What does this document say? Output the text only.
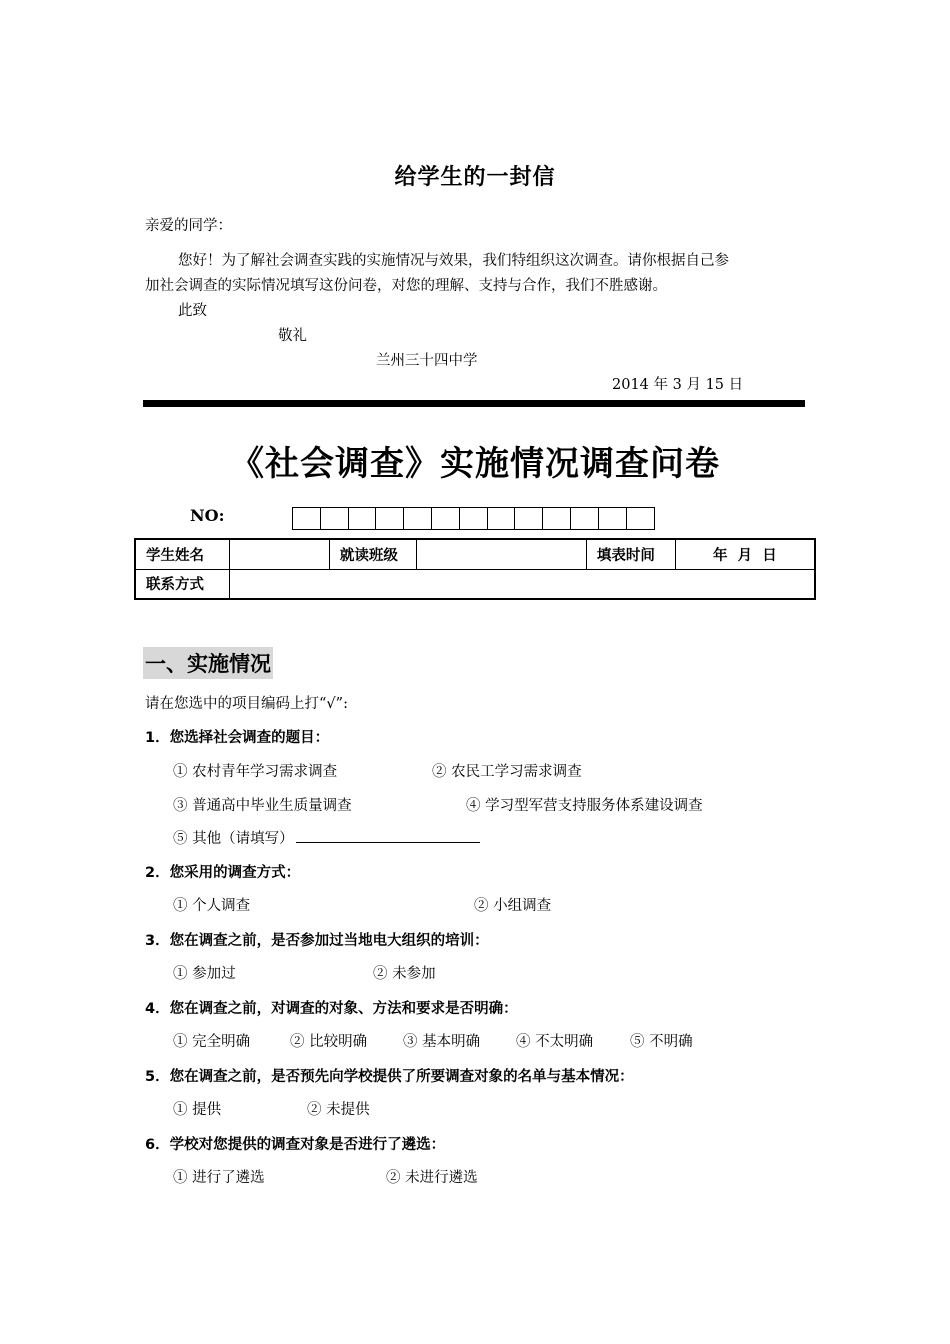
给学生的一封信
亲爱的同学：
您好！为了解社会调查实践的实施情况与效果，我们特组织这次调查。请你根据自己参
加社会调查的实际情况填写这份问卷，对您的理解、支持与合作，我们不胜感谢。
此致
敬礼
兰州三十四中学
2014 年 3 月 15 日
《社会调查》实施情况调查问卷
NO:
学生姓名		就读班级		填表时间	年  月  日
联系方式					
一、实施情况
请在您选中的项目编码上打“√”:
1．您选择社会调查的题目：
① 农村青年学习需求调查	② 农民工学习需求调查
③ 普通高中毕业生质量调查	④ 学习型军营支持服务体系建设调查
⑤ 其他（请填写）
2．您采用的调查方式：
① 个人调查	② 小组调查
3．您在调查之前，是否参加过当地电大组织的培训：
① 参加过	② 未参加
4．您在调查之前，对调查的对象、方法和要求是否明确：
① 完全明确	② 比较明确 ③ 基本明确 ④ 不太明确	⑤ 不明确
5．您在调查之前，是否预先向学校提供了所要调查对象的名单与基本情况：
① 提供	② 未提供
6．学校对您提供的调查对象是否进行了遴选：
① 进行了遴选	② 未进行遴选
